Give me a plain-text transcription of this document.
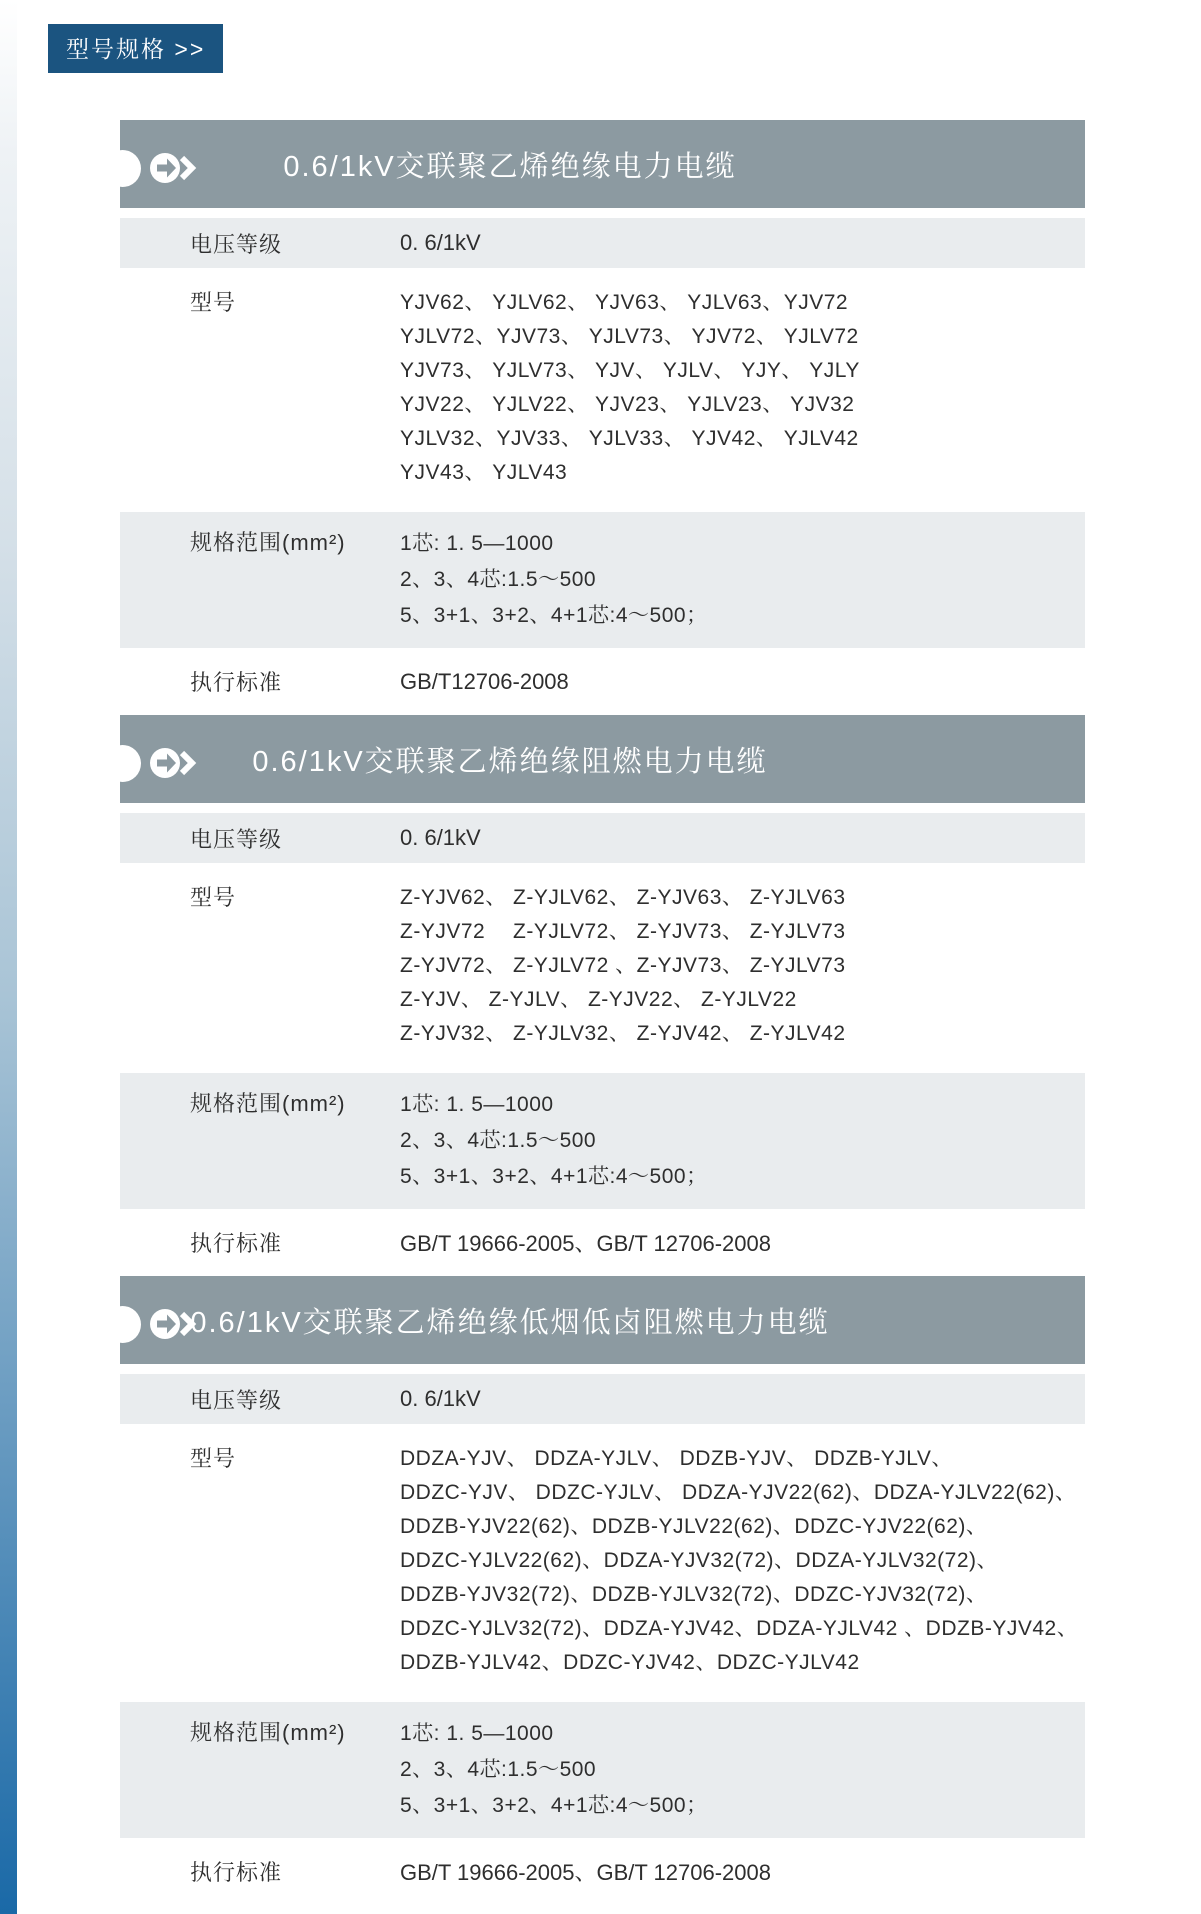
型号规格 >>
0.6/1kV交联聚乙烯绝缘电力电缆
电压等级	0. 6/1kV
型号	YJV62、 YJLV62、 YJV63、 YJLV63、YJV72
YJLV72、YJV73、 YJLV73、 YJV72、 YJLV72
YJV73、 YJLV73、 YJV、 YJLV、 YJY、 YJLY
YJV22、 YJLV22、 YJV23、 YJLV23、 YJV32
YJLV32、YJV33、 YJLV33、 YJV42、 YJLV42
YJV43、 YJLV43
规格范围(mm²)	1芯: 1. 5—1000
2、3、4芯:1.5～500
5、3+1、3+2、4+1芯:4～500；
执行标准	GB/T12706-2008
0.6/1kV交联聚乙烯绝缘阻燃电力电缆
电压等级	0. 6/1kV
型号	Z-YJV62、 Z-YJLV62、 Z-YJV63、 Z-YJLV63
Z-YJV72　 Z-YJLV72、 Z-YJV73、 Z-YJLV73
Z-YJV72、 Z-YJLV72 、Z-YJV73、 Z-YJLV73
Z-YJV、 Z-YJLV、 Z-YJV22、 Z-YJLV22
Z-YJV32、 Z-YJLV32、 Z-YJV42、 Z-YJLV42
规格范围(mm²)	1芯: 1. 5—1000
2、3、4芯:1.5～500
5、3+1、3+2、4+1芯:4～500；
执行标准	GB/T 19666-2005、GB/T 12706-2008
0.6/1kV交联聚乙烯绝缘低烟低卤阻燃电力电缆
电压等级	0. 6/1kV
型号	DDZA-YJV、 DDZA-YJLV、 DDZB-YJV、 DDZB-YJLV、
DDZC-YJV、 DDZC-YJLV、 DDZA-YJV22(62)、DDZA-YJLV22(62)、
DDZB-YJV22(62)、DDZB-YJLV22(62)、DDZC-YJV22(62)、
DDZC-YJLV22(62)、DDZA-YJV32(72)、DDZA-YJLV32(72)、
DDZB-YJV32(72)、DDZB-YJLV32(72)、DDZC-YJV32(72)、
DDZC-YJLV32(72)、DDZA-YJV42、DDZA-YJLV42 、DDZB-YJV42、
DDZB-YJLV42、DDZC-YJV42、DDZC-YJLV42
规格范围(mm²)	1芯: 1. 5—1000
2、3、4芯:1.5～500
5、3+1、3+2、4+1芯:4～500；
执行标准	GB/T 19666-2005、GB/T 12706-2008
